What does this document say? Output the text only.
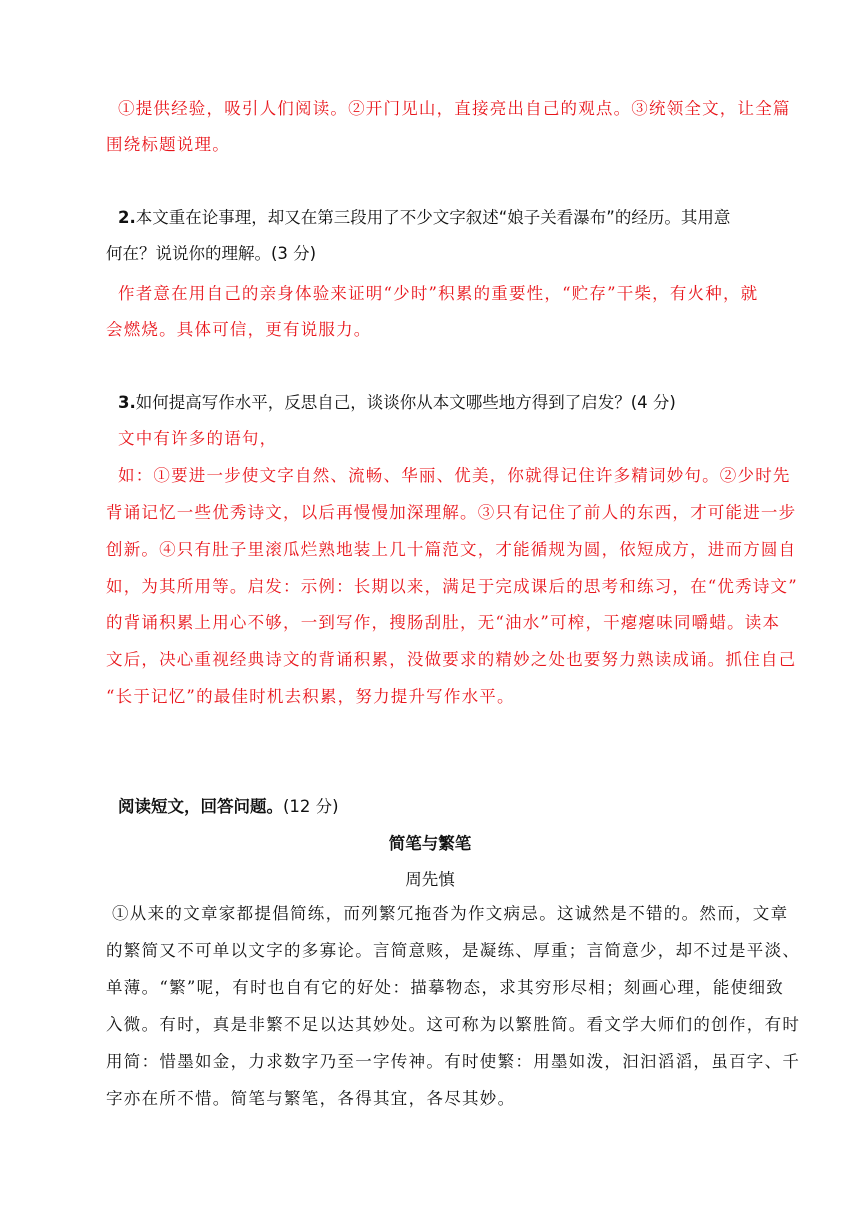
①提供经验，吸引人们阅读。②开门见山，直接亮出自己的观点。③统领全文，让全篇
围绕标题说理。
2.本文重在论事理，却又在第三段用了不少文字叙述“娘子关看瀑布”的经历。其用意
何在？说说你的理解。(3 分)
作者意在用自己的亲身体验来证明“少时”积累的重要性，“贮存”干柴，有火种，就
会燃烧。具体可信，更有说服力。
3.如何提高写作水平，反思自己，谈谈你从本文哪些地方得到了启发？(4 分)
文中有许多的语句，
如：①要进一步使文字自然、流畅、华丽、优美，你就得记住许多精词妙句。②少时先
背诵记忆一些优秀诗文，以后再慢慢加深理解。③只有记住了前人的东西，才可能进一步
创新。④只有肚子里滚瓜烂熟地装上几十篇范文，才能循规为圆，依短成方，进而方圆自
如，为其所用等。启发：示例：长期以来，满足于完成课后的思考和练习，在“优秀诗文”
的背诵积累上用心不够，一到写作，搜肠刮肚，无“油水”可榨，干瘪瘪味同嚼蜡。读本
文后，决心重视经典诗文的背诵积累，没做要求的精妙之处也要努力熟读成诵。抓住自己
“长于记忆”的最佳时机去积累，努力提升写作水平。
阅读短文，回答问题。(12 分)
简笔与繁笔
周先慎
①从来的文章家都提倡简练，而列繁冗拖沓为作文病忌。这诚然是不错的。然而，文章
的繁简又不可单以文字的多寡论。言简意赅，是凝练、厚重；言简意少，却不过是平淡、
单薄。“繁”呢，有时也自有它的好处：描摹物态，求其穷形尽相；刻画心理，能使细致
入微。有时，真是非繁不足以达其妙处。这可称为以繁胜简。看文学大师们的创作，有时
用简：惜墨如金，力求数字乃至一字传神。有时使繁：用墨如泼，汩汩滔滔，虽百字、千
字亦在所不惜。简笔与繁笔，各得其宜，各尽其妙。
